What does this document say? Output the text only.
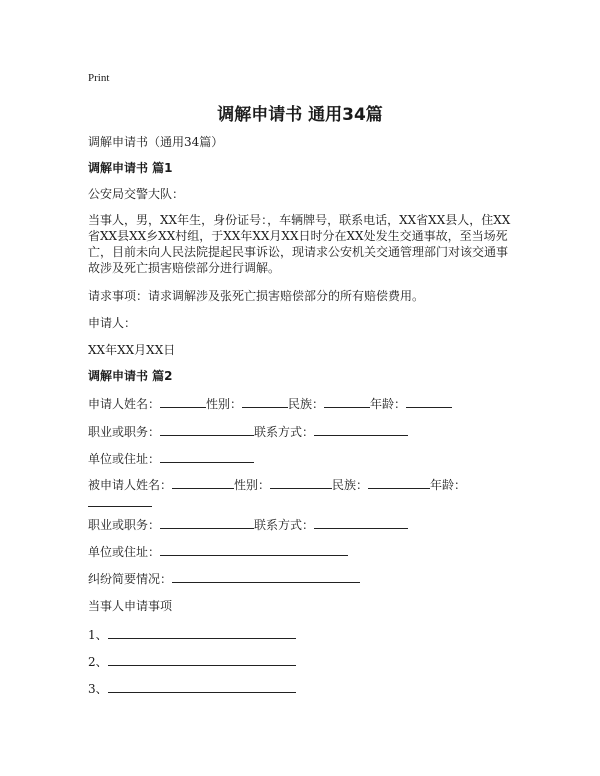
Print
调解申请书 通用34篇
调解申请书（通用34篇）
调解申请书 篇1
公安局交警大队：
当事人，男，XX年生，身份证号：，车辆牌号，联系电话，XX省XX县人，住XX省XX县XX乡XX村组，于XX年XX月XX日时分在XX处发生交通事故，至当场死亡，目前未向人民法院提起民事诉讼，现请求公安机关交通管理部门对该交通事故涉及死亡损害赔偿部分进行调解。
请求事项：请求调解涉及张死亡损害赔偿部分的所有赔偿费用。
申请人：
XX年XX月XX日
调解申请书 篇2
申请人姓名：	性别：	民族：	年龄：
职业或职务：	联系方式：
单位或住址：
被申请人姓名：	性别：	民族：	年龄：
职业或职务：	联系方式：
单位或住址：
纠纷简要情况：
当事人申请事项
1、
2、
3、
